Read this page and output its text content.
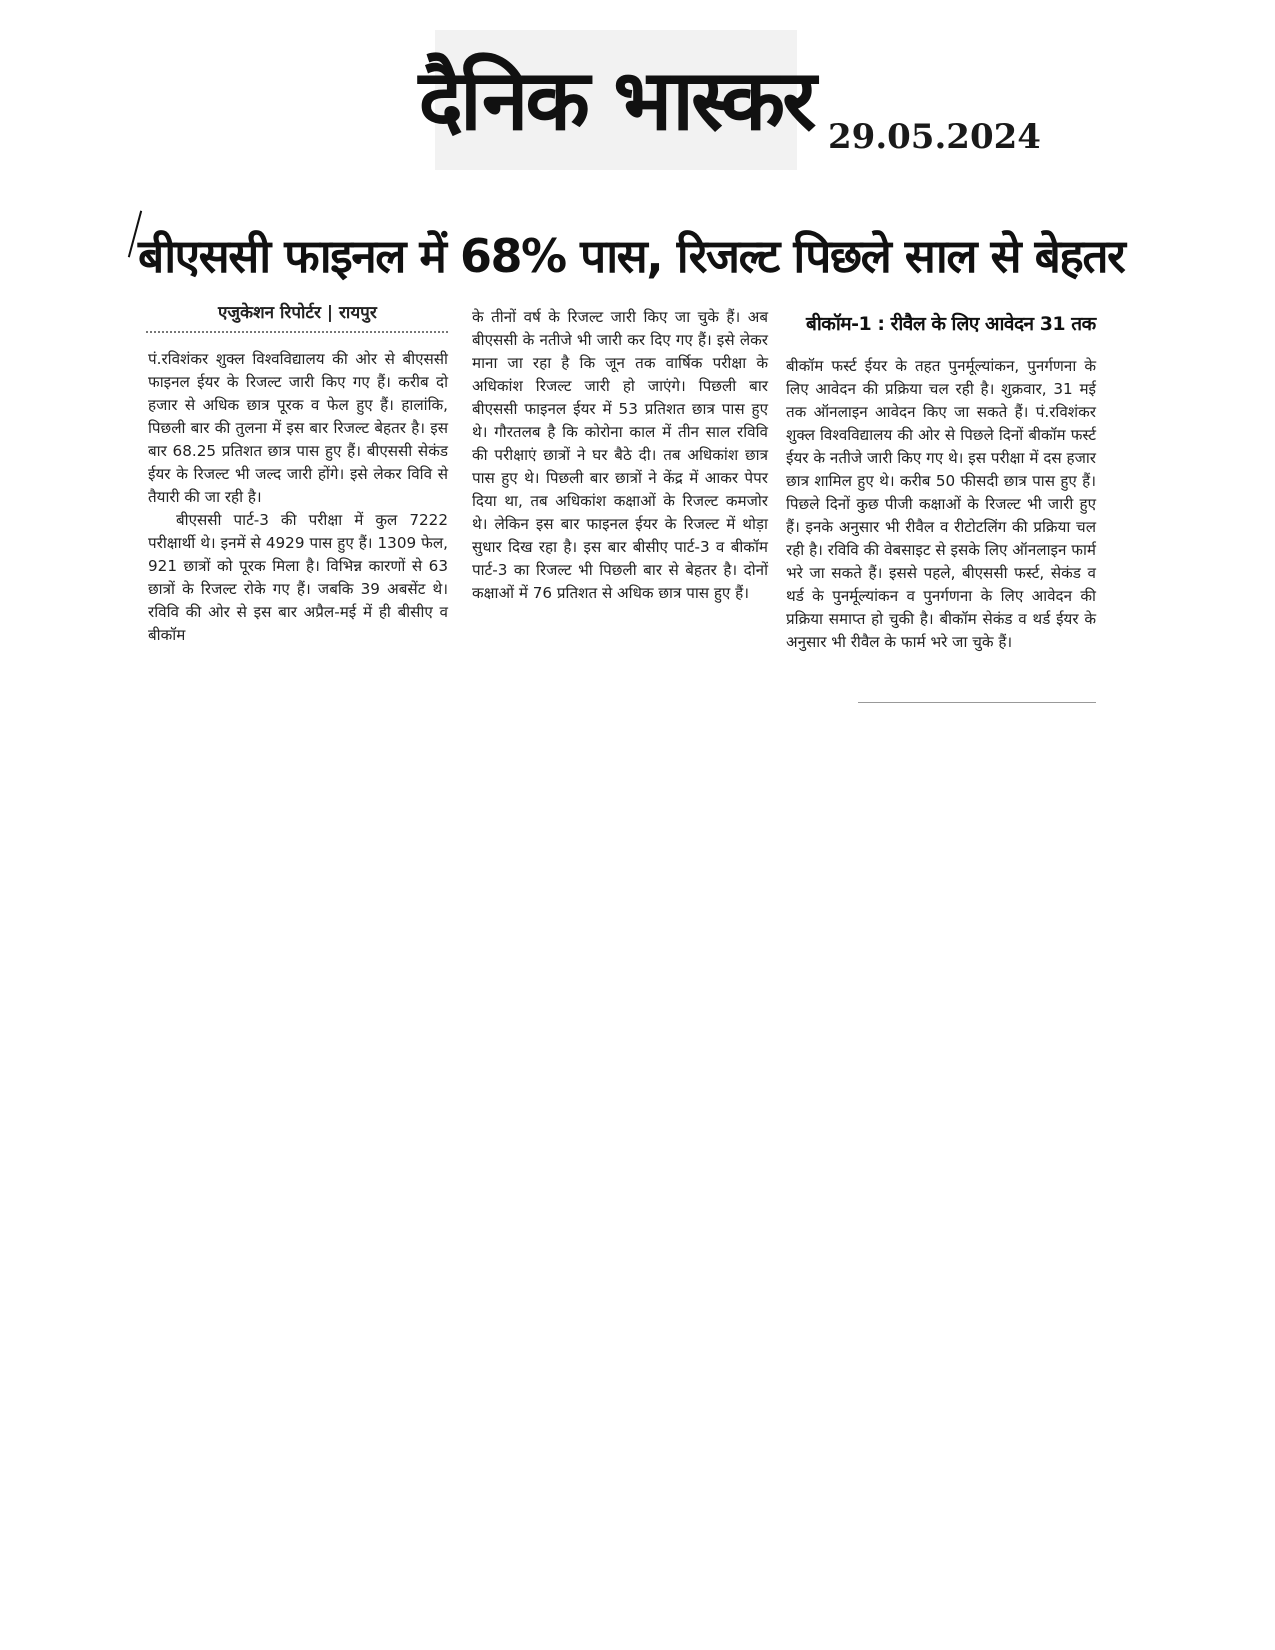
दैनिक भास्कर 29.05.2024
बीएससी फाइनल में 68% पास, रिजल्ट पिछले साल से बेहतर
एजुकेशन रिपोर्टर | रायपुर

पं.रविशंकर शुक्ल विश्वविद्यालय की ओर से बीएससी फाइनल ईयर के रिजल्ट जारी किए गए हैं। करीब दो हजार से अधिक छात्र पूरक व फेल हुए हैं। हालांकि, पिछली बार की तुलना में इस बार रिजल्ट बेहतर है। इस बार 68.25 प्रतिशत छात्र पास हुए हैं। बीएससी सेकंड ईयर के रिजल्ट भी जल्द जारी होंगे। इसे लेकर विवि से तैयारी की जा रही है।

बीएससी पार्ट-3 की परीक्षा में कुल 7222 परीक्षार्थी थे। इनमें से 4929 पास हुए हैं। 1309 फेल, 921 छात्रों को पूरक मिला है। विभिन्न कारणों से 63 छात्रों के रिजल्ट रोके गए हैं। जबकि 39 अबसेंट थे। रविवि की ओर से इस बार अप्रैल-मई में ही बीसीए व बीकॉम

के तीनों वर्ष के रिजल्ट जारी किए जा चुके हैं। अब बीएससी के नतीजे भी जारी कर दिए गए हैं। इसे लेकर माना जा रहा है कि जून तक वार्षिक परीक्षा के अधिकांश रिजल्ट जारी हो जाएंगे। पिछली बार बीएससी फाइनल ईयर में 53 प्रतिशत छात्र पास हुए थे। गौरतलब है कि कोरोना काल में तीन साल रविवि की परीक्षाएं छात्रों ने घर बैठे दी। तब अधिकांश छात्र पास हुए थे। पिछली बार छात्रों ने केंद्र में आकर पेपर दिया था, तब अधिकांश कक्षाओं के रिजल्ट कमजोर थे। लेकिन इस बार फाइनल ईयर के रिजल्ट में थोड़ा सुधार दिख रहा है। इस बार बीसीए पार्ट-3 व बीकॉम पार्ट-3 का रिजल्ट भी पिछली बार से बेहतर है। दोनों कक्षाओं में 76 प्रतिशत से अधिक छात्र पास हुए हैं।

बीकॉम-1 : रीवैल के लिए आवेदन 31 तक

बीकॉम फर्स्ट ईयर के तहत पुनर्मूल्यांकन, पुनर्गणना के लिए आवेदन की प्रक्रिया चल रही है। शुक्रवार, 31 मई तक ऑनलाइन आवेदन किए जा सकते हैं। पं.रविशंकर शुक्ल विश्वविद्यालय की ओर से पिछले दिनों बीकॉम फर्स्ट ईयर के नतीजे जारी किए गए थे। इस परीक्षा में दस हजार छात्र शामिल हुए थे। करीब 50 फीसदी छात्र पास हुए हैं। पिछले दिनों कुछ पीजी कक्षाओं के रिजल्ट भी जारी हुए हैं। इनके अनुसार भी रीवैल व रीटोटलिंग की प्रक्रिया चल रही है। रविवि की वेबसाइट से इसके लिए ऑनलाइन फार्म भरे जा सकते हैं। इससे पहले, बीएससी फर्स्ट, सेकंड व थर्ड के पुनर्मूल्यांकन व पुनर्गणना के लिए आवेदन की प्रक्रिया समाप्त हो चुकी है। बीकॉम सेकंड व थर्ड ईयर के अनुसार भी रीवैल के फार्म भरे जा चुके हैं।
